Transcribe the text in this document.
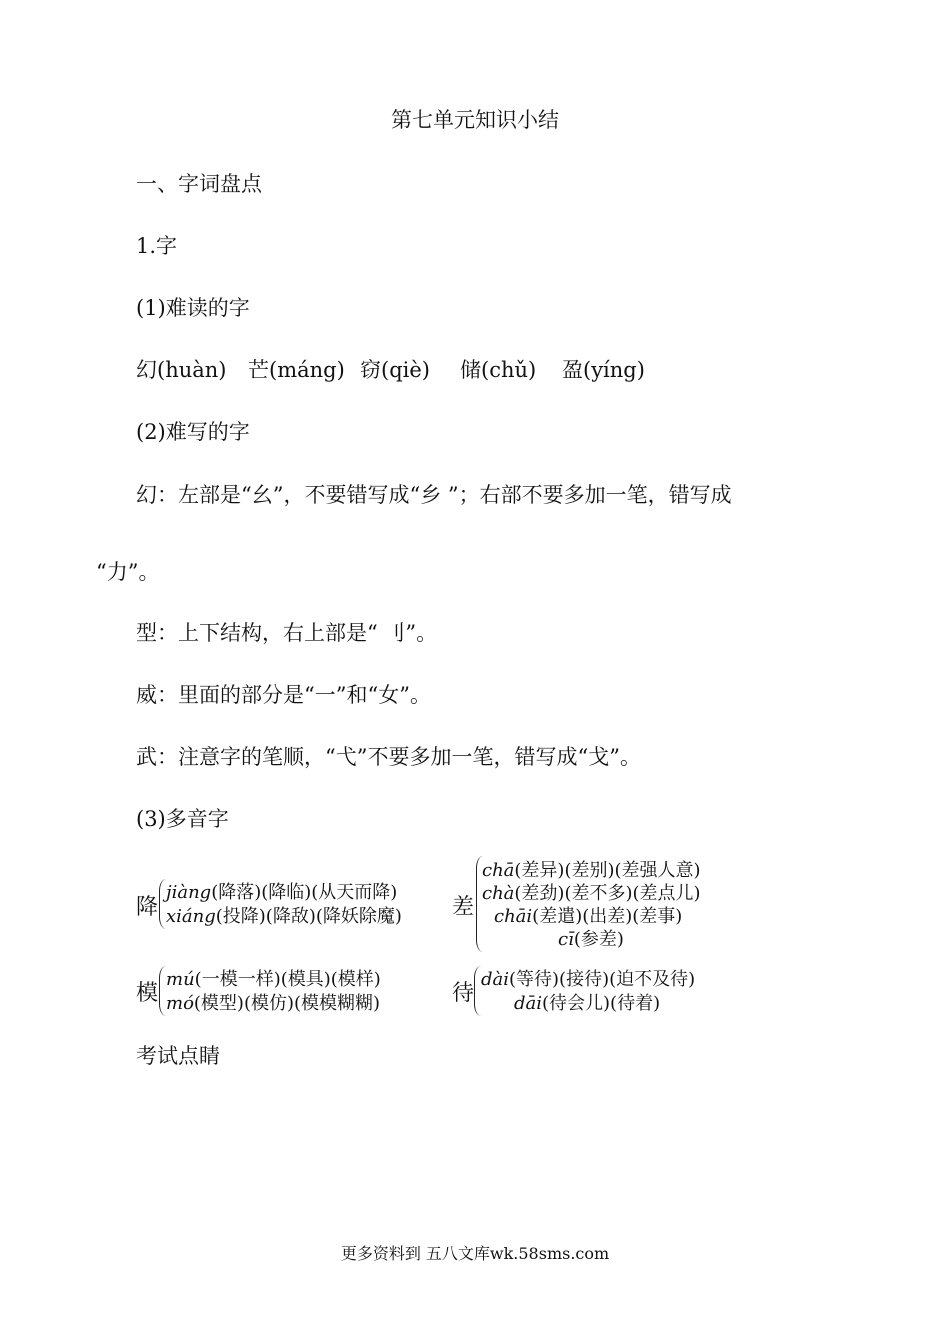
第七单元知识小结
一、字词盘点
1.字
(1)难读的字
幻(huàn) 芒(máng) 窃(qiè) 储(chǔ) 盈(yíng)
(2)难写的字
幻：左部是“幺”，不要错写成“乡 ”；右部不要多加一笔，错写成
“力”。
型：上下结构，右上部是“ 刂”。
威：里面的部分是“一”和“女”。
武：注意字的笔顺，“弋”不要多加一笔，错写成“戈”。
(3)多音字
降
jiàng(降落)(降临)(从天而降)
xiáng(投降)(降敌)(降妖除魔) 差
chā(差异)(差别)(差强人意)
chà(差劲)(差不多)(差点儿)
chāi(差遣)(出差)(差事)
cī(参差)
模
mú(一模一样)(模具)(模样)
mó(模型)(模仿)(模模糊糊)	待
dài(等待)(接待)(迫不及待)
dāi(待会儿)(待着)
考试点睛
更多资料到 五八文库wk.58sms.com
